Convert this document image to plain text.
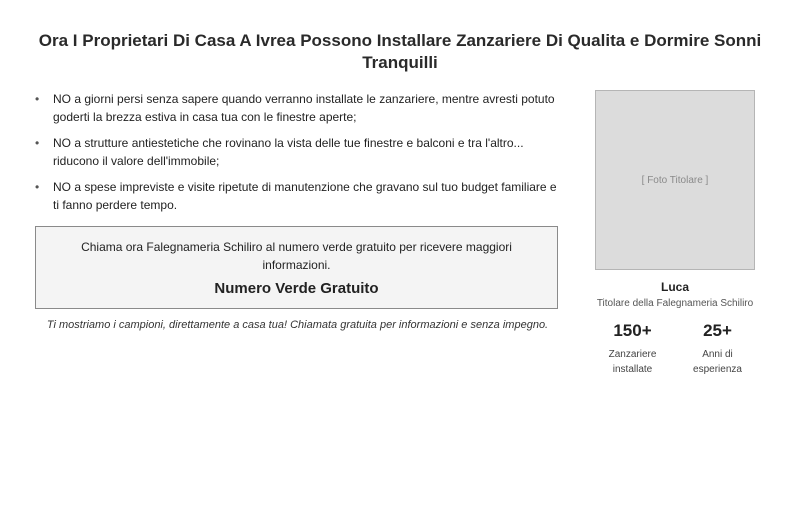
Ora I Proprietari Di Casa A Ivrea Possono Installare Zanzariere Di Qualita e Dormire Sonni Tranquilli
• NO a giorni persi senza sapere quando verranno installate le zanzariere, mentre avresti potuto goderti la brezza estiva in casa tua con le finestre aperte;
• NO a strutture antiestetiche che rovinano la vista delle tue finestre e balconi e tra l'altro... riducono il valore dell'immobile;
• NO a spese impreviste e visite ripetute di manutenzione che gravano sul tuo budget familiare e ti fanno perdere tempo.
Chiama ora Falegnameria Schiliro al numero verde gratuito per ricevere maggiori informazioni.
Numero Verde Gratuito
Ti mostriamo i campioni, direttamente a casa tua! Chiamata gratuita per informazioni e senza impegno.
[ Foto Titolare ]
Luca
Titolare della Falegnameria Schiliro
150+
Zanzariere installate
25+
Anni di esperienza
